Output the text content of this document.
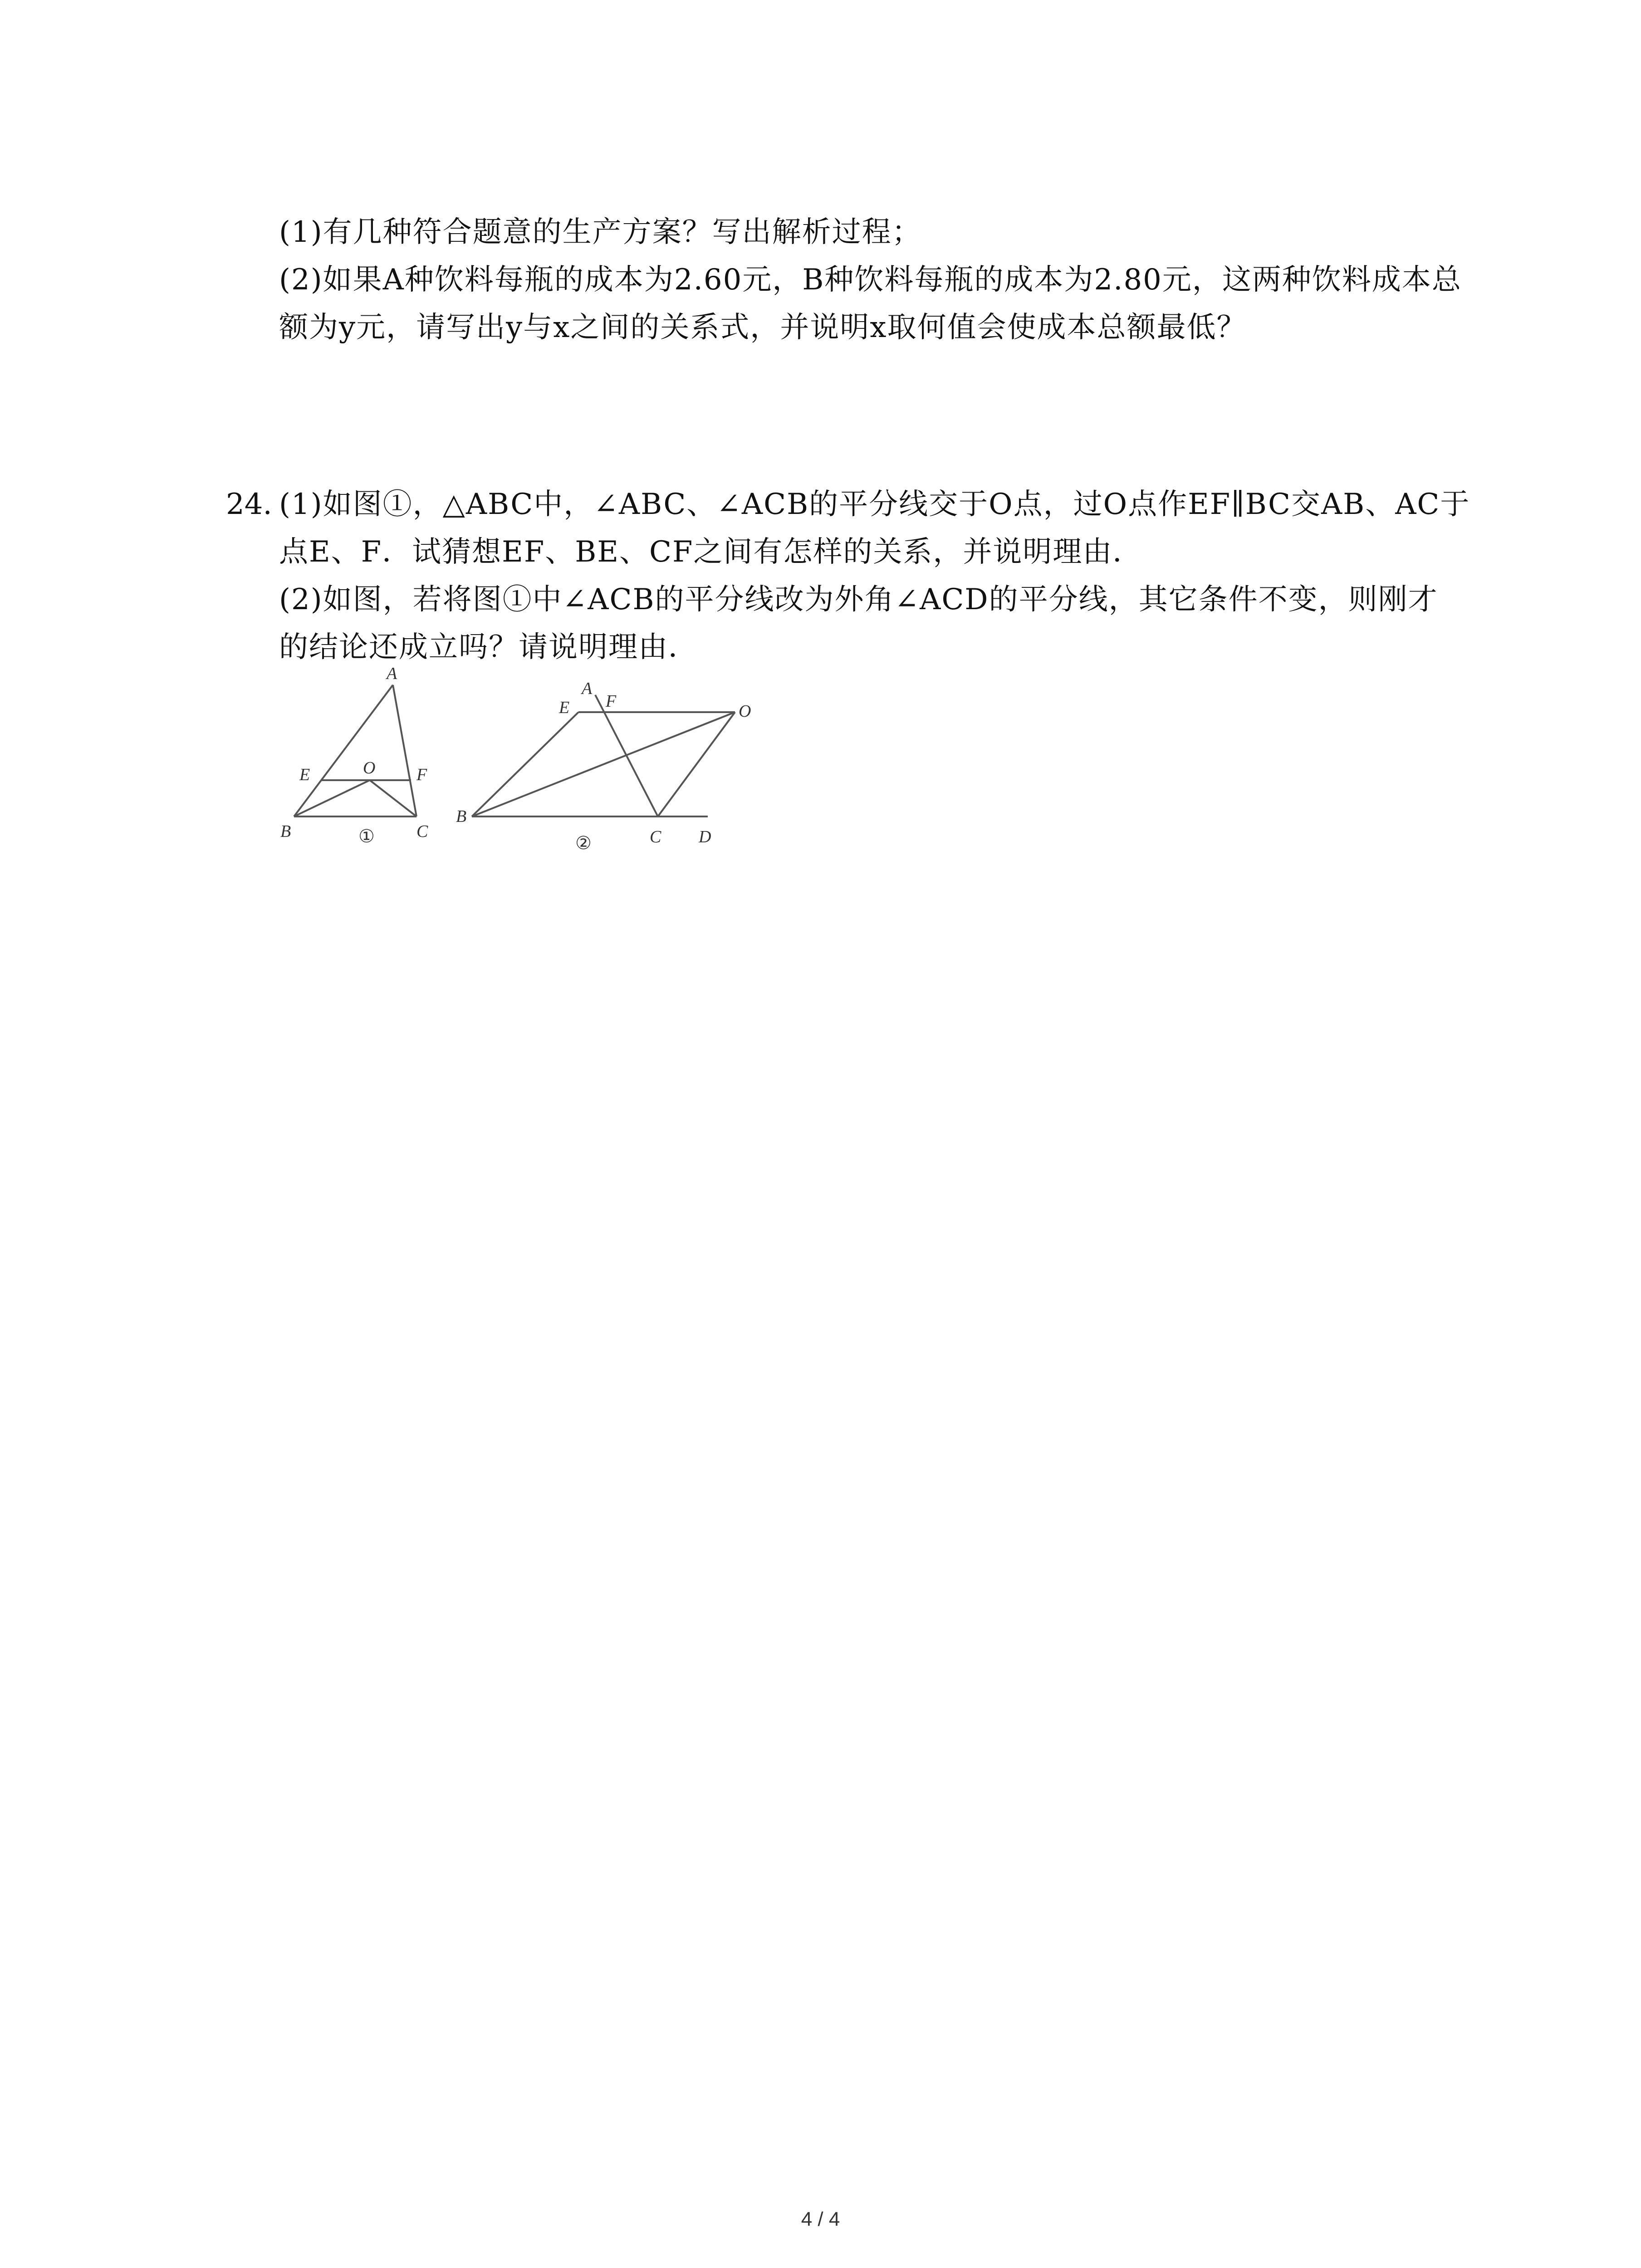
(1)有几种符合题意的生产方案？写出解析过程；
(2)如果A种饮料每瓶的成本为2.60元，B种饮料每瓶的成本为2.80元，这两种饮料成本总
额为y元，请写出y与x之间的关系式，并说明x取何值会使成本总额最低？
24. (1)如图①，△ABC中，∠ABC、∠ACB的平分线交于O点，过O点作EF∥BC交AB、AC于
点E、F．试猜想EF、BE、CF之间有怎样的关系，并说明理由．
(2)如图，若将图①中∠ACB的平分线改为外角∠ACD的平分线，其它条件不变，则刚才
的结论还成立吗？请说明理由．
A
E	O F
B	C
①
E
A
F
O
B
C D
②
4 / 4
